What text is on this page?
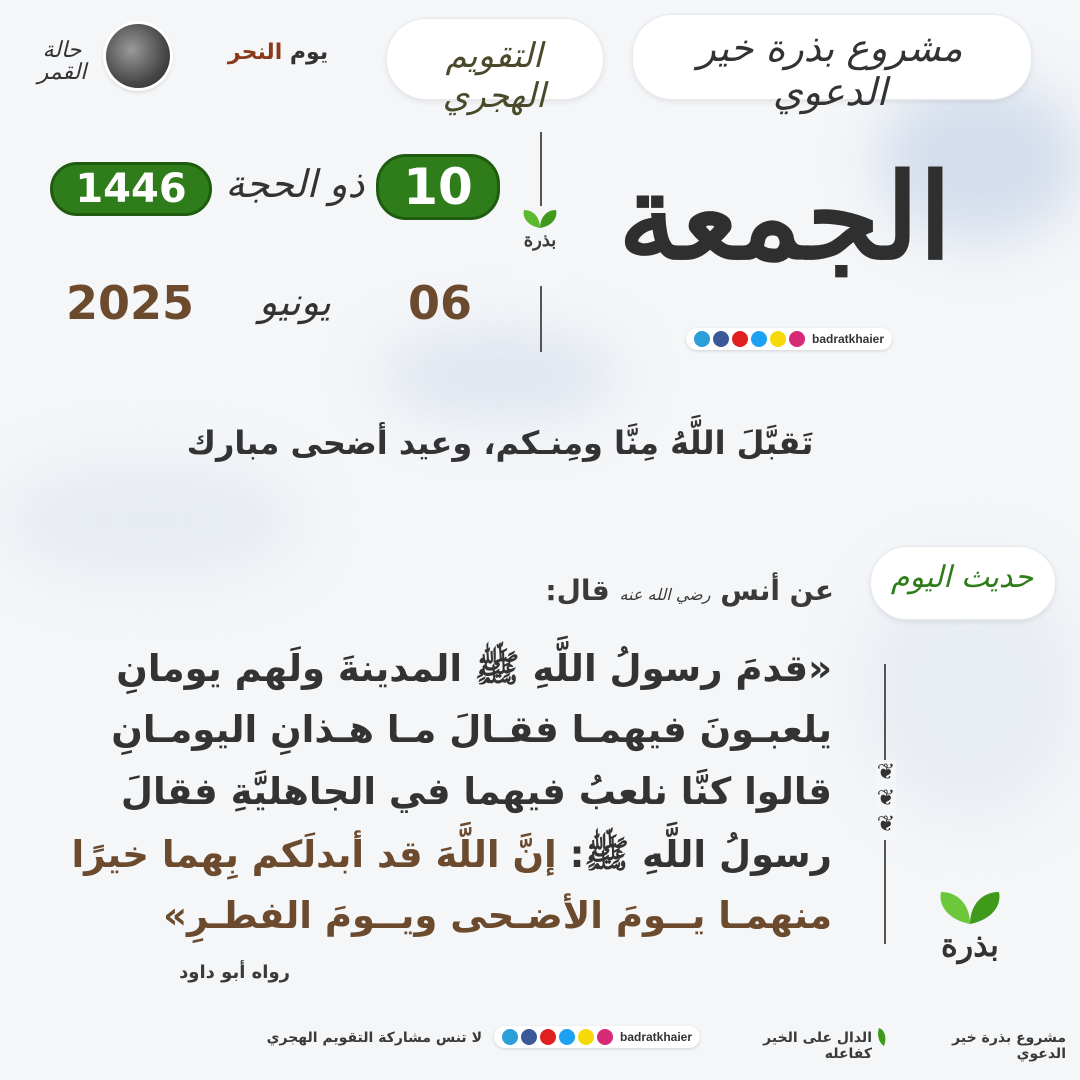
مشروع بذرة خير الدعوي
التقويم الهجري
يوم النحر
حالة القمر
الجمعة
بذرة
10
ذو الحجة
1446
06
يونيو
2025
badratkhaier
تَقبَّلَ اللَّهُ مِنَّا ومِنـكم، وعيد أضحى مبارك
حديث اليوم
عن أنس رضي الله عنه قال:
❦
❦
❦
«قدمَ رسولُ اللَّهِ ﷺ المدينةَ ولَهم يومانِ
يلعبـونَ فيهمـا فقـالَ مـا هـذانِ اليومـانِ
قالوا كنَّا نلعبُ فيهما في الجاهليَّةِ فقالَ
رسولُ اللَّهِ ﷺ: إنَّ اللَّهَ قد أبدلَكم بِهما خيرًا
منهمـا يــومَ الأضـحى ويــومَ الفطـرِ»
رواه أبو داود
بذرة
مشروع بذرة خير الدعوي
الدال على الخير كفاعله
badratkhaier
لا تنس مشاركة التقويم الهجري
